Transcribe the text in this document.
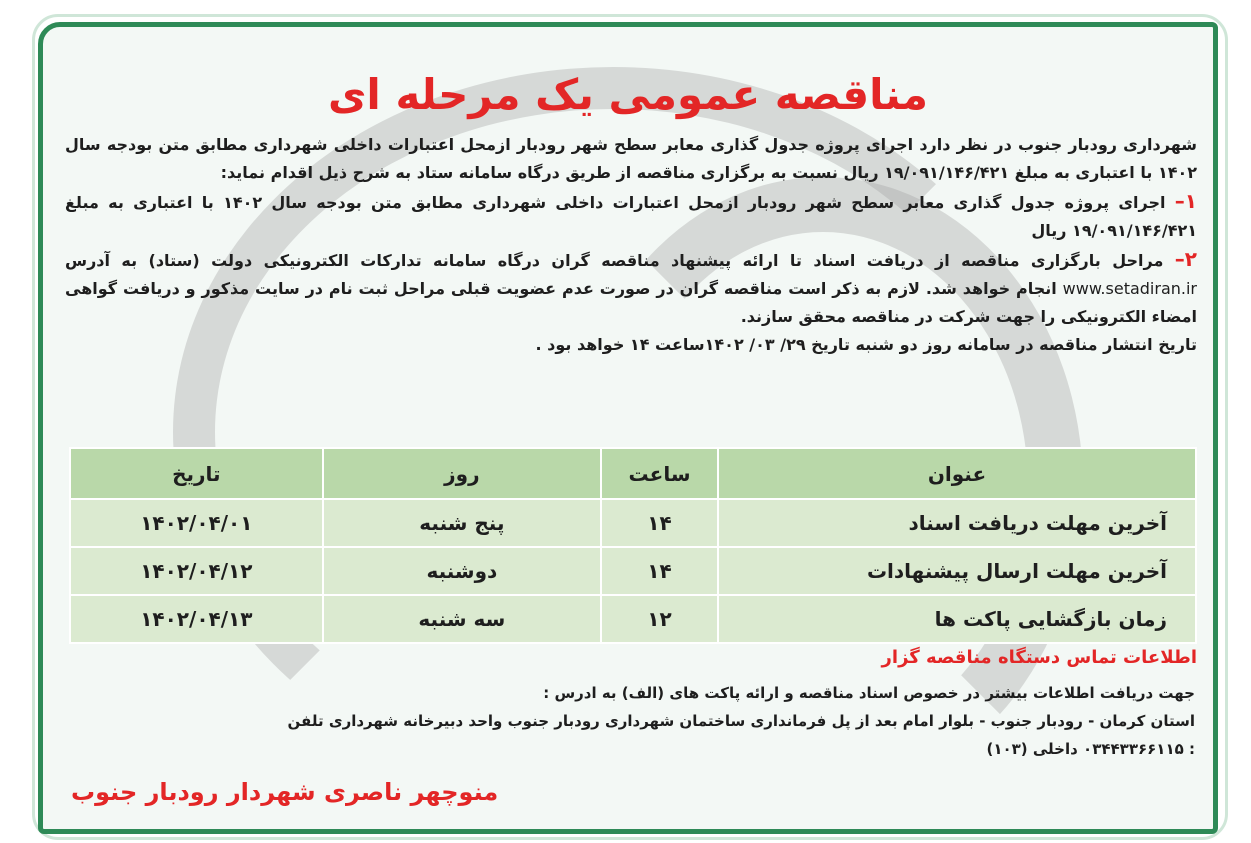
مناقصه عمومی یک مرحله ای

شهرداری رودبار جنوب در نظر دارد اجرای پروژه جدول گذاری معابر سطح شهر رودبار ازمحل اعتبارات داخلی شهرداری مطابق متن بودجه سال ۱۴۰۲ با اعتباری به مبلغ ۱۹/۰۹۱/۱۴۶/۴۲۱ ریال نسبت به برگزاری مناقصه از طریق درگاه سامانه ستاد به شرح ذیل اقدام نماید:

۱– اجرای پروژه جدول گذاری معابر سطح شهر رودبار ازمحل اعتبارات داخلی شهرداری مطابق متن بودجه سال ۱۴۰۲ با اعتباری به مبلغ ۱۹/۰۹۱/۱۴۶/۴۲۱ ریال

۲– مراحل بارگزاری مناقصه از دریافت اسناد تا ارائه پیشنهاد مناقصه گران درگاه سامانه تدارکات الکترونیکی دولت (ستاد) به آدرس www.setadiran.ir انجام خواهد شد. لازم به ذکر است مناقصه گران در صورت عدم عضویت قبلی مراحل ثبت نام در سایت مذکور و دریافت گواهی امضاء الکترونیکی را جهت شرکت در مناقصه محقق سازند.

تاریخ انتشار مناقصه در سامانه روز دو شنبه تاریخ ۲۹/ ۰۳/ ۱۴۰۲ساعت ۱۴ خواهد بود .

عنوان	ساعت	روز	تاریخ
آخرین مهلت دریافت اسناد	۱۴	پنج شنبه	۱۴۰۲/۰۴/۰۱
آخرین مهلت ارسال پیشنهادات	۱۴	دوشنبه	۱۴۰۲/۰۴/۱۲
زمان بازگشایی پاکت ها	۱۲	سه شنبه	۱۴۰۲/۰۴/۱۳
اطلاعات تماس دستگاه مناقصه گزار

جهت دریافت اطلاعات بیشتر در خصوص اسناد مناقصه و ارائه پاکت های (الف) به ادرس :

استان کرمان - رودبار جنوب - بلوار امام بعد از پل فرمانداری ساختمان شهرداری رودبار جنوب واحد دبیرخانه شهرداری تلفن

: ۰۳۴۴۳۳۶۶۱۱۵ داخلی (۱۰۳)

منوچهر ناصری شهردار رودبار جنوب
